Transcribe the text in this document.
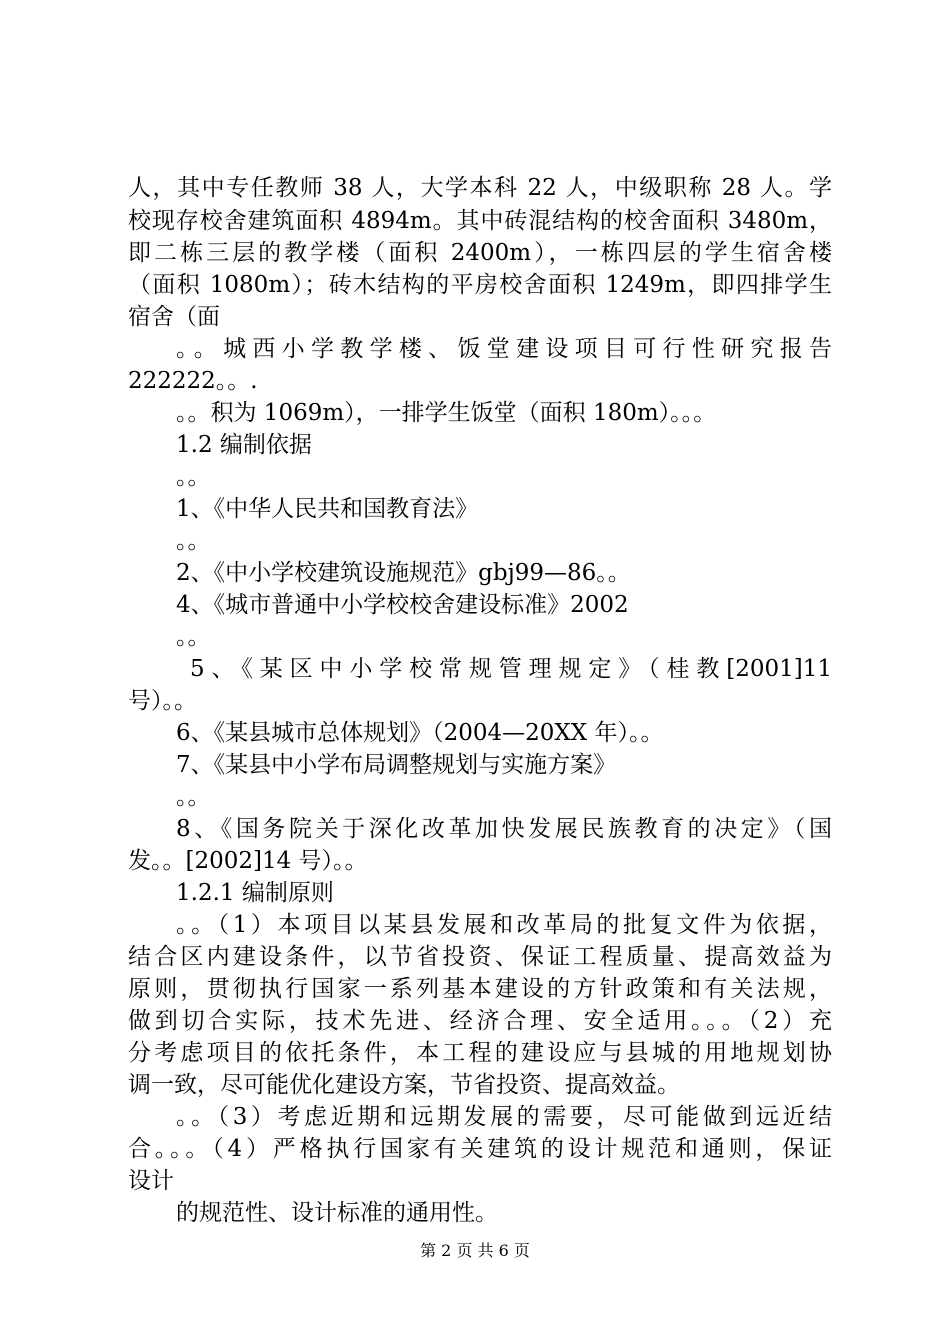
人，其中专任教师 38 人，大学本科 22 人，中级职称 28 人。学
校现存校舍建筑面积 4894m。其中砖混结构的校舍面积 3480m，
即二栋三层的教学楼（面积 2400m），一栋四层的学生宿舍楼
（面积 1080m）；砖木结构的平房校舍面积 1249m，即四排学生
宿舍（面
。。城西小学教学楼、饭堂建设项目可行性研究报告
222222。。.
。。积为 1069m），一排学生饭堂（面积 180m）。。。
1.2 编制依据
。。
1、《中华人民共和国教育法》
。。
2、《中小学校建筑设施规范》gbj99—86。。
4、《城市普通中小学校校舍建设标准》2002
。。
5、《某区中小学校常规管理规定》（桂教[2001]11
号）。。
6、《某县城市总体规划》（2004—20XX 年）。。
7、《某县中小学布局调整规划与实施方案》
。。
8、《国务院关于深化改革加快发展民族教育的决定》（国
发。。[2002]14 号）。。
1.2.1 编制原则
。。（1）本项目以某县发展和改革局的批复文件为依据，
结合区内建设条件，以节省投资、保证工程质量、提高效益为
原则，贯彻执行国家一系列基本建设的方针政策和有关法规，
做到切合实际，技术先进、经济合理、安全适用。。。（2）充
分考虑项目的依托条件，本工程的建设应与县城的用地规划协
调一致，尽可能优化建设方案，节省投资、提高效益。
。。（3）考虑近期和远期发展的需要，尽可能做到远近结
合。。。（4）严格执行国家有关建筑的设计规范和通则，保证
设计
的规范性、设计标准的通用性。
第 2 页 共 6 页
